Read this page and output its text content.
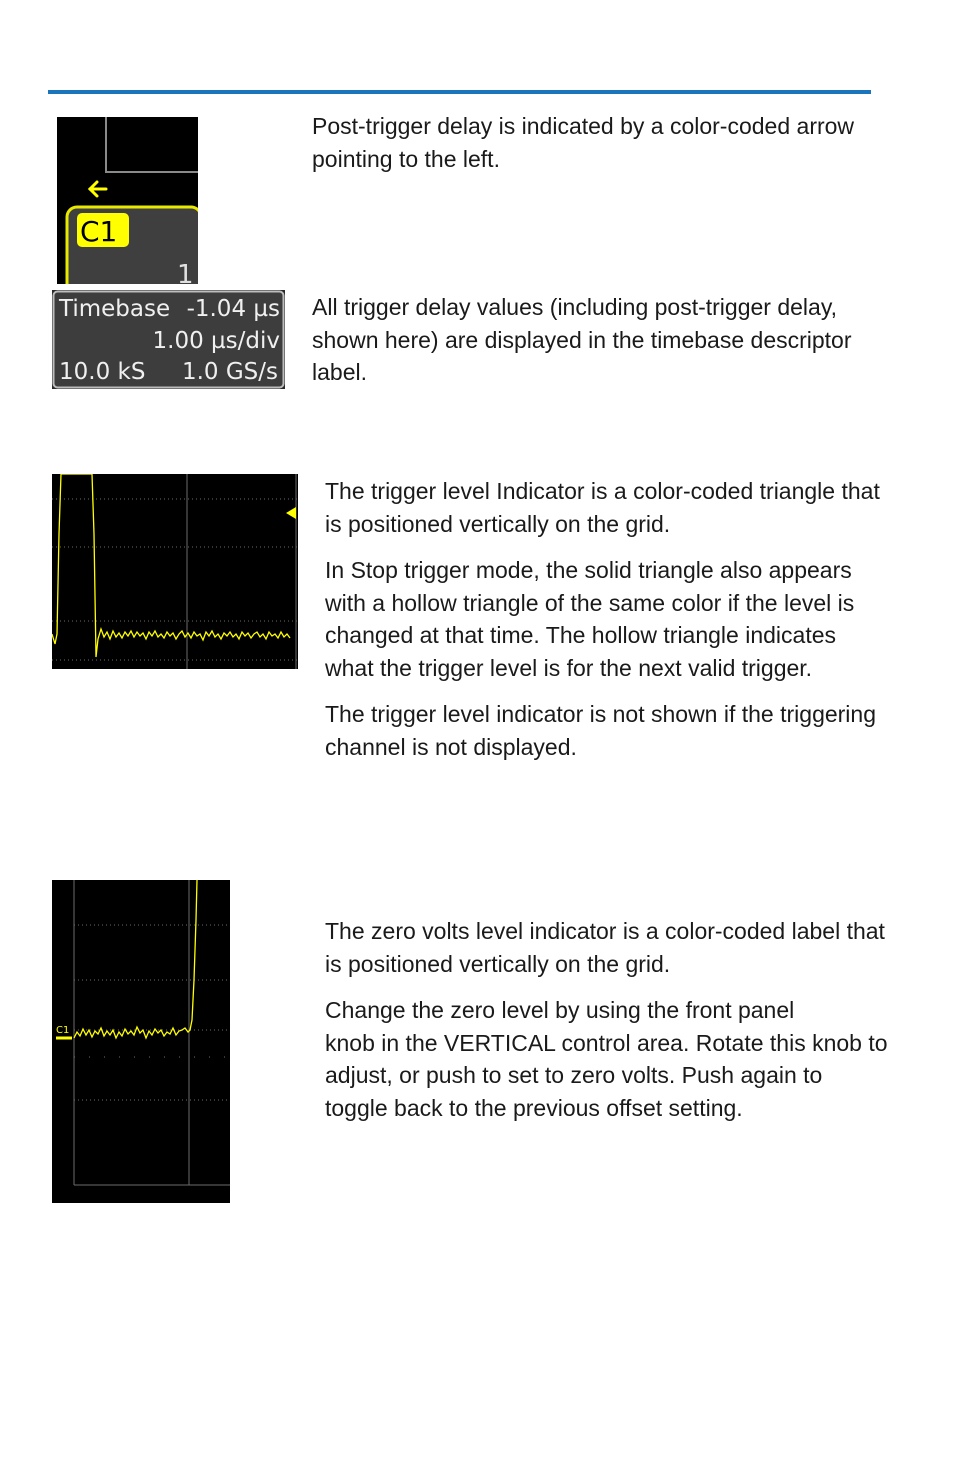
C1
1

Post-trigger delay is indicated by a color-coded arrow pointing to the left.

Timebase -1.04 µs
1.00 µs/div
10.0 kS 1.0 GS/s

All trigger delay values (including post-trigger delay, shown here) are displayed in the timebase descriptor label.

The trigger level Indicator is a color-coded triangle that is positioned vertically on the grid.

In Stop trigger mode, the solid triangle also appears with a hollow triangle of the same color if the level is changed at that time. The hollow triangle indicates what the trigger level is for the next valid trigger.

The trigger level indicator is not shown if the triggering channel is not displayed.

C1

The zero volts level indicator is a color-coded label that is positioned vertically on the grid.

Change the zero level by using the front panel              knob in the VERTICAL control area. Rotate this knob to adjust, or push to set to zero volts. Push again to toggle back to the previous offset setting.
